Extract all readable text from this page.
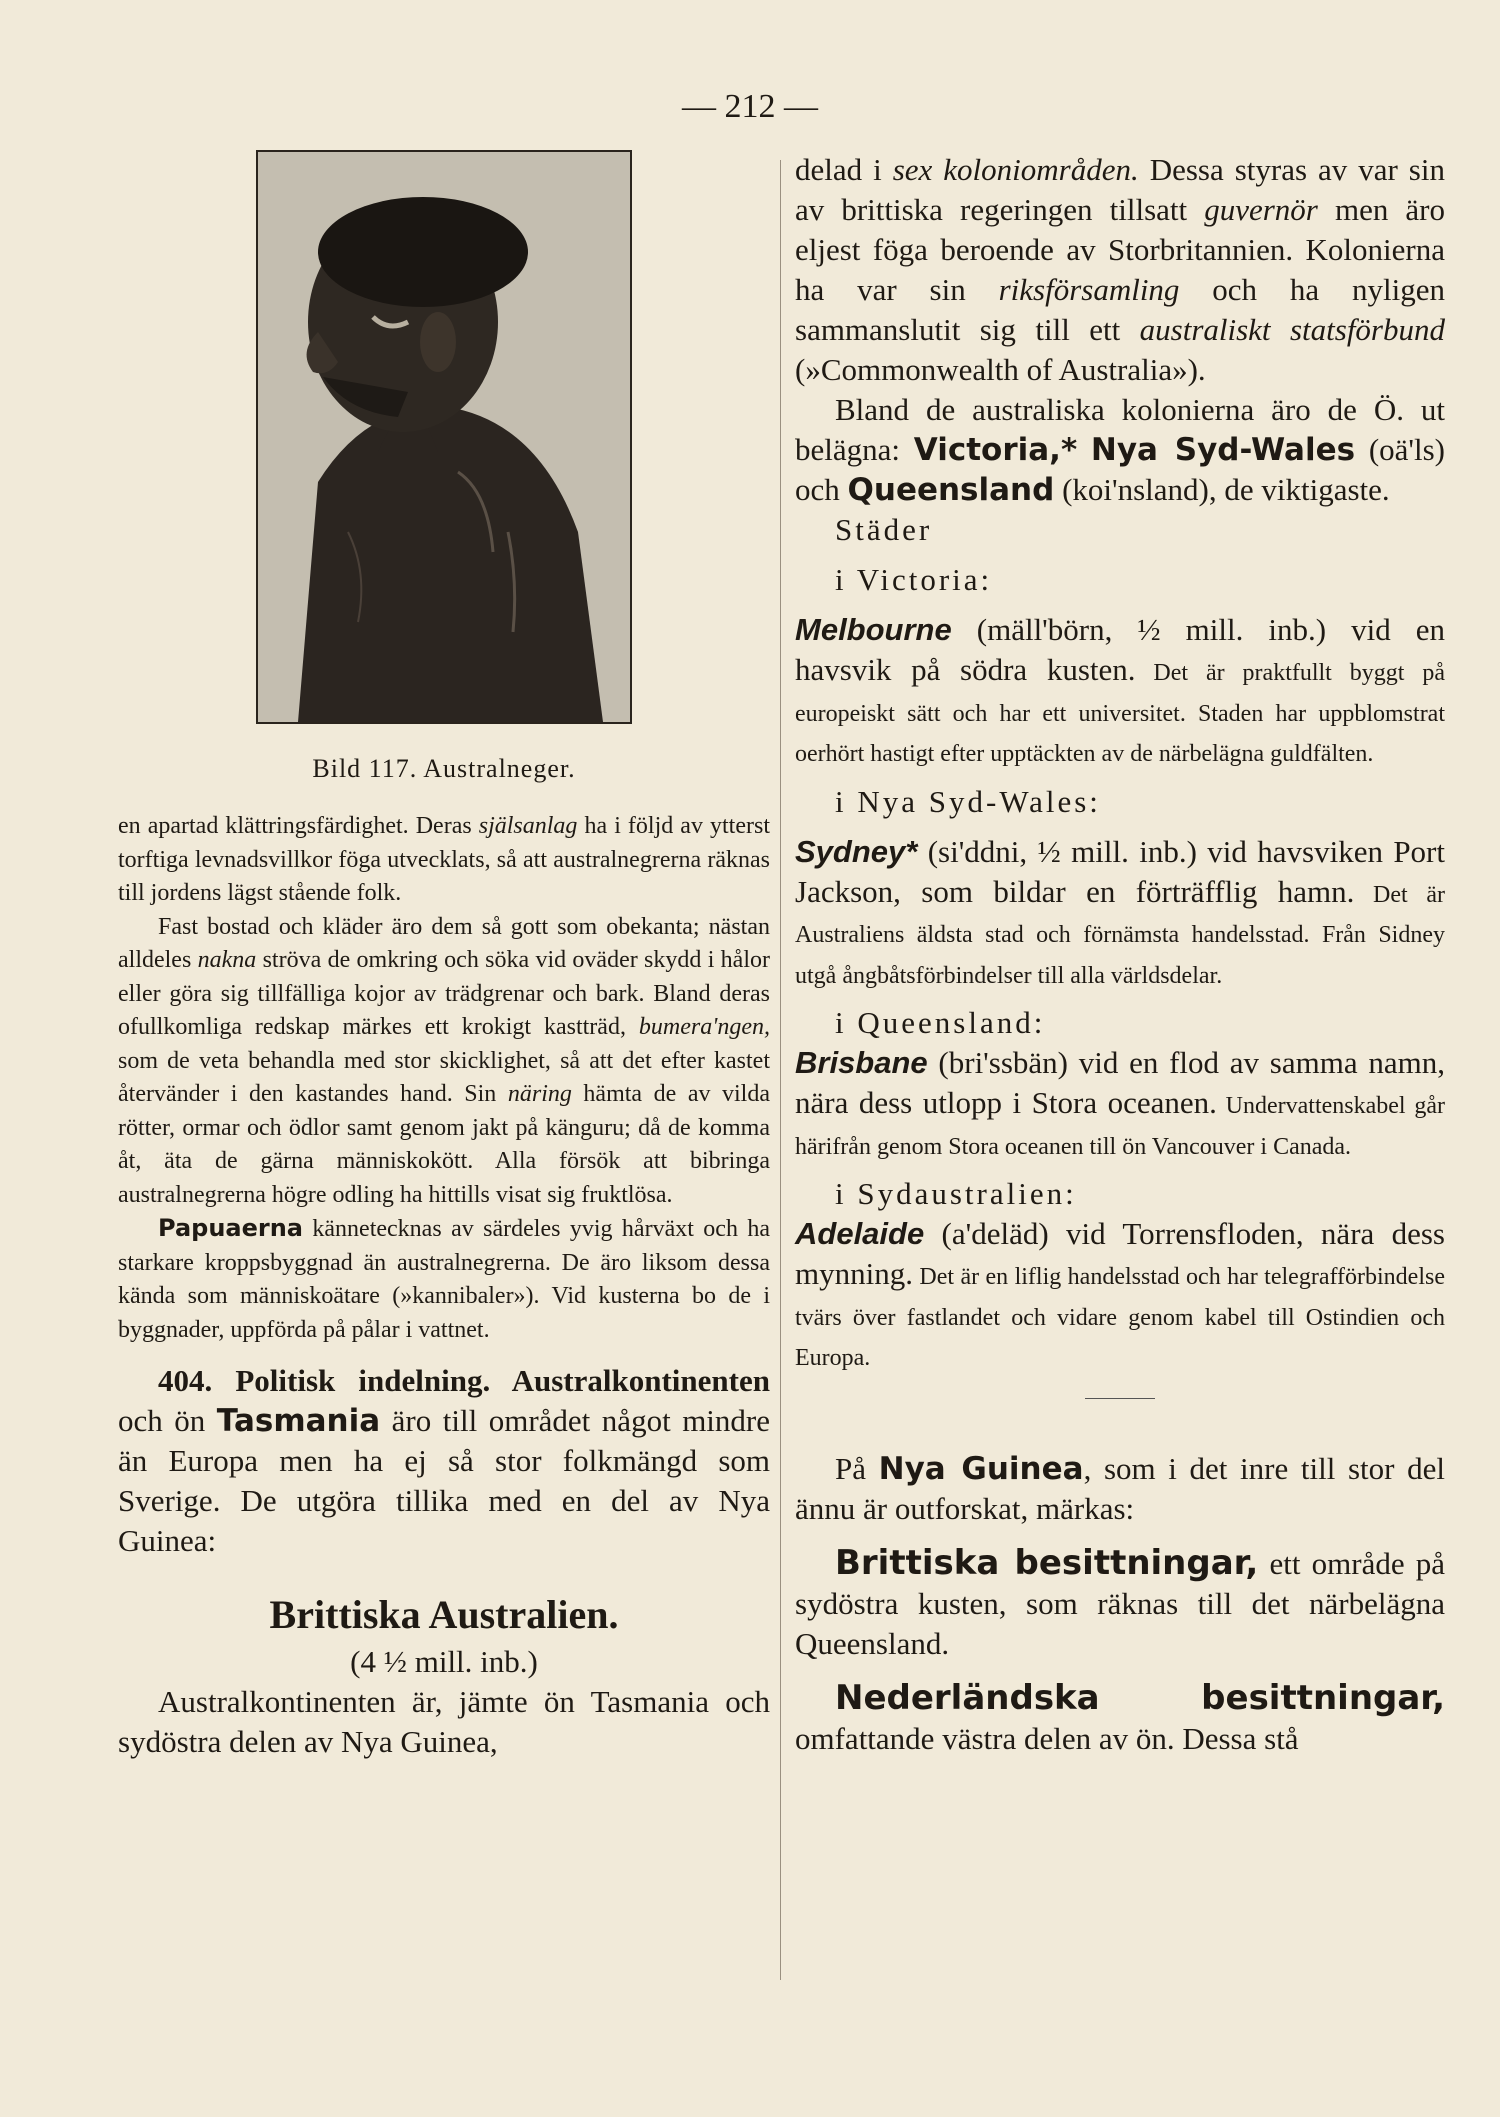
— 212 —
Bild 117. Australneger.

en apartad klättringsfärdighet. Deras själsanlag ha i följd av ytterst torftiga levnadsvillkor föga utvecklats, så att australnegrerna räknas till jordens lägst stående folk.

Fast bostad och kläder äro dem så gott som obekanta; nästan alldeles nakna ströva de omkring och söka vid oväder skydd i hålor eller göra sig tillfälliga kojor av trädgrenar och bark. Bland deras ofullkomliga redskap märkes ett krokigt kastträd, bumera'ngen, som de veta behandla med stor skicklighet, så att det efter kastet återvänder i den kastandes hand. Sin näring hämta de av vilda rötter, ormar och ödlor samt genom jakt på känguru; då de komma åt, äta de gärna människokött. Alla försök att bibringa australnegrerna högre odling ha hittills visat sig fruktlösa.

Papuaerna kännetecknas av särdeles yvig hårväxt och ha starkare kroppsbyggnad än australnegrerna. De äro liksom dessa kända som människoätare (»kannibaler»). Vid kusterna bo de i byggnader, uppförda på pålar i vattnet.

404. Politisk indelning. Australkontinenten och ön Tasmania äro till området något mindre än Europa men ha ej så stor folkmängd som Sverige. De utgöra tillika med en del av Nya Guinea:

Brittiska Australien.
(4 ½ mill. inb.)

Australkontinenten är, jämte ön Tasmania och sydöstra delen av Nya Guinea,

delad i sex koloniområden. Dessa styras av var sin av brittiska regeringen tillsatt guvernör men äro eljest föga beroende av Storbritannien. Kolonierna ha var sin riksförsamling och ha nyligen sammanslutit sig till ett australiskt statsförbund (»Commonwealth of Australia»).

Bland de australiska kolonierna äro de Ö. ut belägna: Victoria,* Nya Syd-Wales (oä'ls) och Queensland (koi'nsland), de viktigaste.

Städer

i Victoria:

Melbourne (mäll'börn, ½ mill. inb.) vid en havsvik på södra kusten. Det är praktfullt byggt på europeiskt sätt och har ett universitet. Staden har uppblomstrat oerhört hastigt efter upptäckten av de närbelägna guldfälten.

i Nya Syd-Wales:

Sydney* (si'ddni, ½ mill. inb.) vid havsviken Port Jackson, som bildar en förträfflig hamn. Det är Australiens äldsta stad och förnämsta handelsstad. Från Sidney utgå ångbåtsförbindelser till alla världsdelar.

i Queensland:

Brisbane (bri'ssbän) vid en flod av samma namn, nära dess utlopp i Stora oceanen. Undervattenskabel går härifrån genom Stora oceanen till ön Vancouver i Canada.

i Sydaustralien:

Adelaide (a'deläd) vid Torrensfloden, nära dess mynning. Det är en liflig handelsstad och har telegrafförbindelse tvärs över fastlandet och vidare genom kabel till Ostindien och Europa.

På Nya Guinea, som i det inre till stor del ännu är outforskat, märkas:

Brittiska besittningar, ett område på sydöstra kusten, som räknas till det närbelägna Queensland.

Nederländska besittningar, omfattande västra delen av ön. Dessa stå
